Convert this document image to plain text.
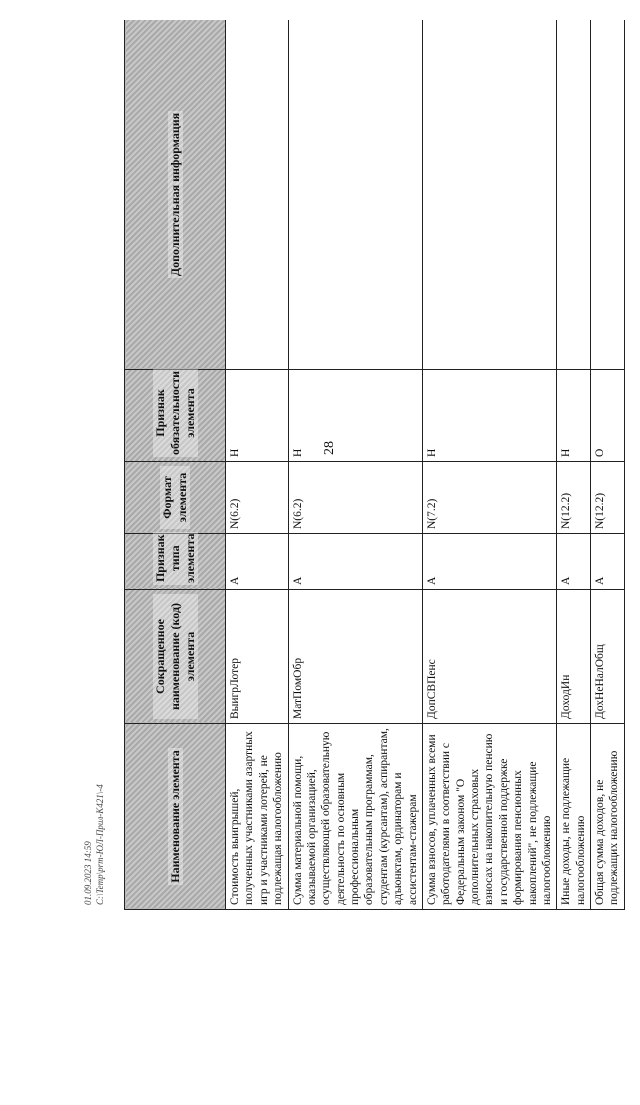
28
Наименование элемента	Сокращенное наименование (код) элемента	Признак типа элемента	Формат элемента	Признак обязательности элемента	Дополнительная информация
Стоимость выигрышей, полученных участниками азартных игр и участниками лотерей, не подлежащая налогообложению	ВыигрЛотер	А	N(6.2)	Н	
Сумма материальной помощи, оказываемой организацией, осуществляющей образовательную деятельность по основным профессиональным образовательным программам, студентам (курсантам), аспирантам, адъюнктам, ординаторам и ассистентам-стажерам	МатПомОбр	А	N(6.2)	Н	
Сумма взносов, уплаченных всеми работодателями в соответствии с Федеральным законом "О дополнительных страховых взносах на накопительную пенсию и государственной поддержке формирования пенсионных накоплений", не подлежащие налогообложению	ДопСВПенс	А	N(7.2)	Н	
Иные доходы, не подлежащие налогообложению	ДоходИн	А	N(12.2)	Н	
Общая сумма доходов, не подлежащих налогообложению	ДохНеНалОбщ	А	N(12.2)	О	
01.09.2023 14:59 С:\Temp\prm-ЮЛ-Прил-К421\-4
